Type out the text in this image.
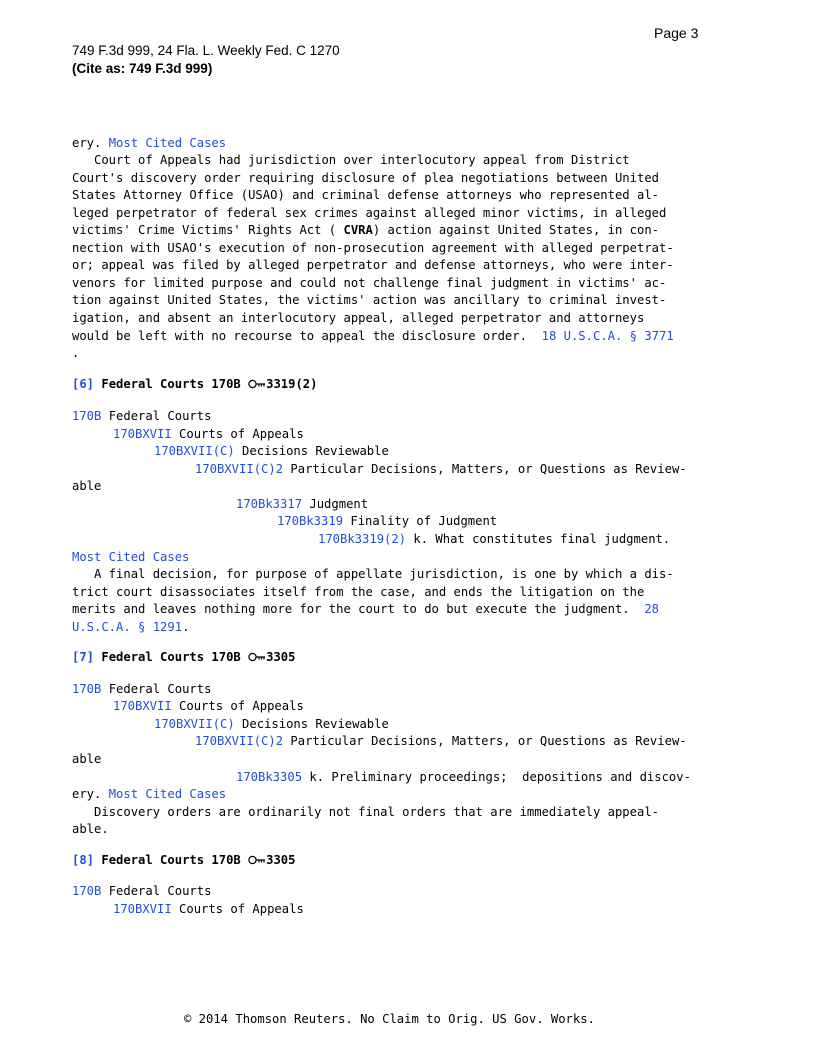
Page 3
749 F.3d 999, 24 Fla. L. Weekly Fed. C 1270
(Cite as: 749 F.3d 999)
ery. Most Cited Cases
Court of Appeals had jurisdiction over interlocutory appeal from District
Court's discovery order requiring disclosure of plea negotiations between United
States Attorney Office (USAO) and criminal defense attorneys who represented al-
leged perpetrator of federal sex crimes against alleged minor victims, in alleged
victims' Crime Victims' Rights Act ( CVRA) action against United States, in con-
nection with USAO's execution of non-prosecution agreement with alleged perpetrat-
or; appeal was filed by alleged perpetrator and defense attorneys, who were inter-
venors for limited purpose and could not challenge final judgment in victims' ac-
tion against United States, the victims' action was ancillary to criminal invest-
igation, and absent an interlocutory appeal, alleged perpetrator and attorneys
would be left with no recourse to appeal the disclosure order.  18 U.S.C.A. § 3771
.
[6] Federal Courts 170B 3319(2)
170B Federal Courts
170BXVII Courts of Appeals
170BXVII(C) Decisions Reviewable
170BXVII(C)2 Particular Decisions, Matters, or Questions as Review-
able
170Bk3317 Judgment
170Bk3319 Finality of Judgment
170Bk3319(2) k. What constitutes final judgment.
Most Cited Cases
A final decision, for purpose of appellate jurisdiction, is one by which a dis-
trict court disassociates itself from the case, and ends the litigation on the
merits and leaves nothing more for the court to do but execute the judgment.  28
U.S.C.A. § 1291.
[7] Federal Courts 170B 3305
170B Federal Courts
170BXVII Courts of Appeals
170BXVII(C) Decisions Reviewable
170BXVII(C)2 Particular Decisions, Matters, or Questions as Review-
able
170Bk3305 k. Preliminary proceedings;  depositions and discov-
ery. Most Cited Cases
Discovery orders are ordinarily not final orders that are immediately appeal-
able.
[8] Federal Courts 170B 3305
170B Federal Courts
170BXVII Courts of Appeals
© 2014 Thomson Reuters. No Claim to Orig. US Gov. Works.
